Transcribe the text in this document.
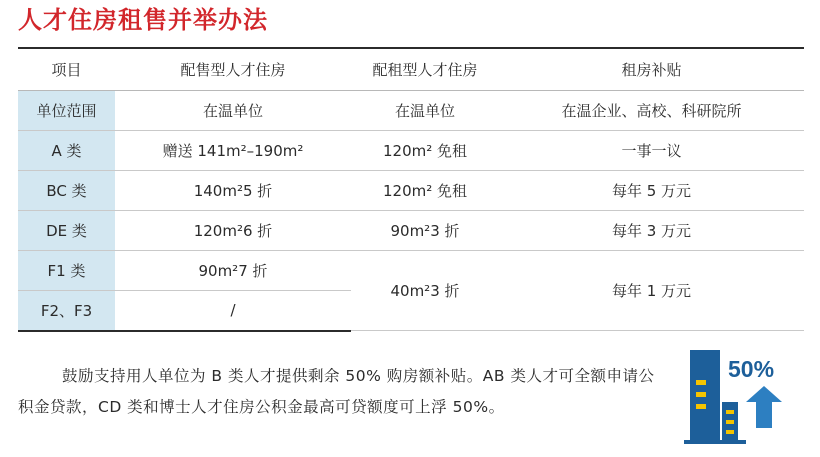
人才住房租售并举办法
项目	配售型人才住房	配租型人才住房	租房补贴
单位范围	在温单位	在温单位	在温企业、高校、科研院所
A 类	赠送 141m²–190m²	120m² 免租	一事一议
BC 类	140m²5 折	120m² 免租	每年 5 万元
DE 类	120m²6 折	90m²3 折	每年 3 万元
F1 类	90m²7 折	40m²3 折	每年 1 万元
F2、F3	/		
鼓励支持用人单位为 B 类人才提供剩余 50% 购房额补贴。AB 类人才可全额申请公积金贷款，CD 类和博士人才住房公积金最高可贷额度可上浮 50%。
50%
